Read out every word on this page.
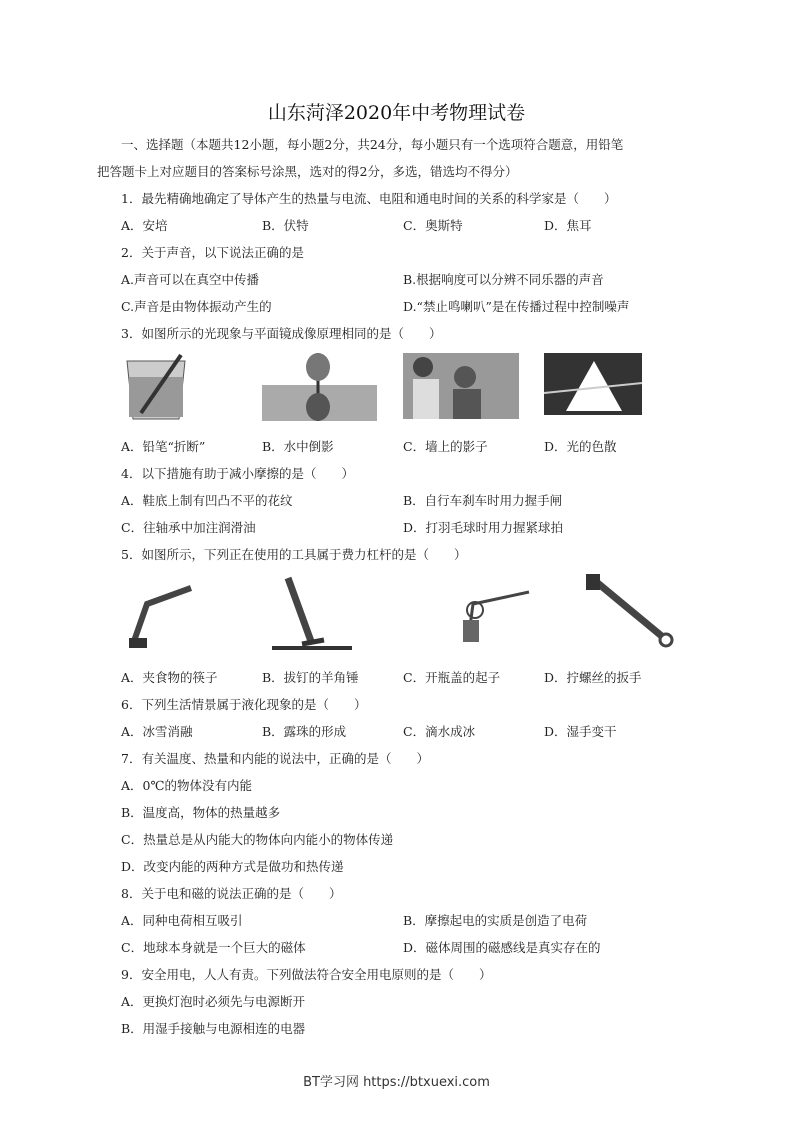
山东菏泽2020年中考物理试卷
一、选择题（本题共12小题，每小题2分，共24分，每小题只有一个选项符合题意，用铅笔
把答题卡上对应题目的答案标号涂黑，选对的得2分，多选，错选均不得分）
1．最先精确地确定了导体产生的热量与电流、电阻和通电时间的关系的科学家是（　　）
A．安培	B．伏特	C．奥斯特	D．焦耳
2．关于声音，以下说法正确的是
A.声音可以在真空中传播	B.根据响度可以分辨不同乐器的声音
C.声音是由物体振动产生的	D.“禁止鸣喇叭”是在传播过程中控制噪声
3．如图所示的光现象与平面镜成像原理相同的是（　　）
A．铅笔“折断”	B．水中倒影	C．墙上的影子	D．光的色散
4．以下措施有助于减小摩擦的是（　　）
A．鞋底上制有凹凸不平的花纹	B．自行车刹车时用力握手闸
C．往轴承中加注润滑油	D．打羽毛球时用力握紧球拍
5．如图所示，下列正在使用的工具属于费力杠杆的是（　　）
A．夹食物的筷子	B．拔钉的羊角锤	C．开瓶盖的起子	D．拧螺丝的扳手
6．下列生活情景属于液化现象的是（　　）
A．冰雪消融	B．露珠的形成	C．滴水成冰	D．湿手变干
7．有关温度、热量和内能的说法中，正确的是（　　）
A．0℃的物体没有内能
B．温度高，物体的热量越多
C．热量总是从内能大的物体向内能小的物体传递
D．改变内能的两种方式是做功和热传递
8．关于电和磁的说法正确的是（　　）
A．同种电荷相互吸引	B．摩擦起电的实质是创造了电荷
C．地球本身就是一个巨大的磁体	D．磁体周围的磁感线是真实存在的
9．安全用电，人人有责。下列做法符合安全用电原则的是（　　）
A．更换灯泡时必须先与电源断开
B．用湿手接触与电源相连的电器
BT学习网 https://btxuexi.com
